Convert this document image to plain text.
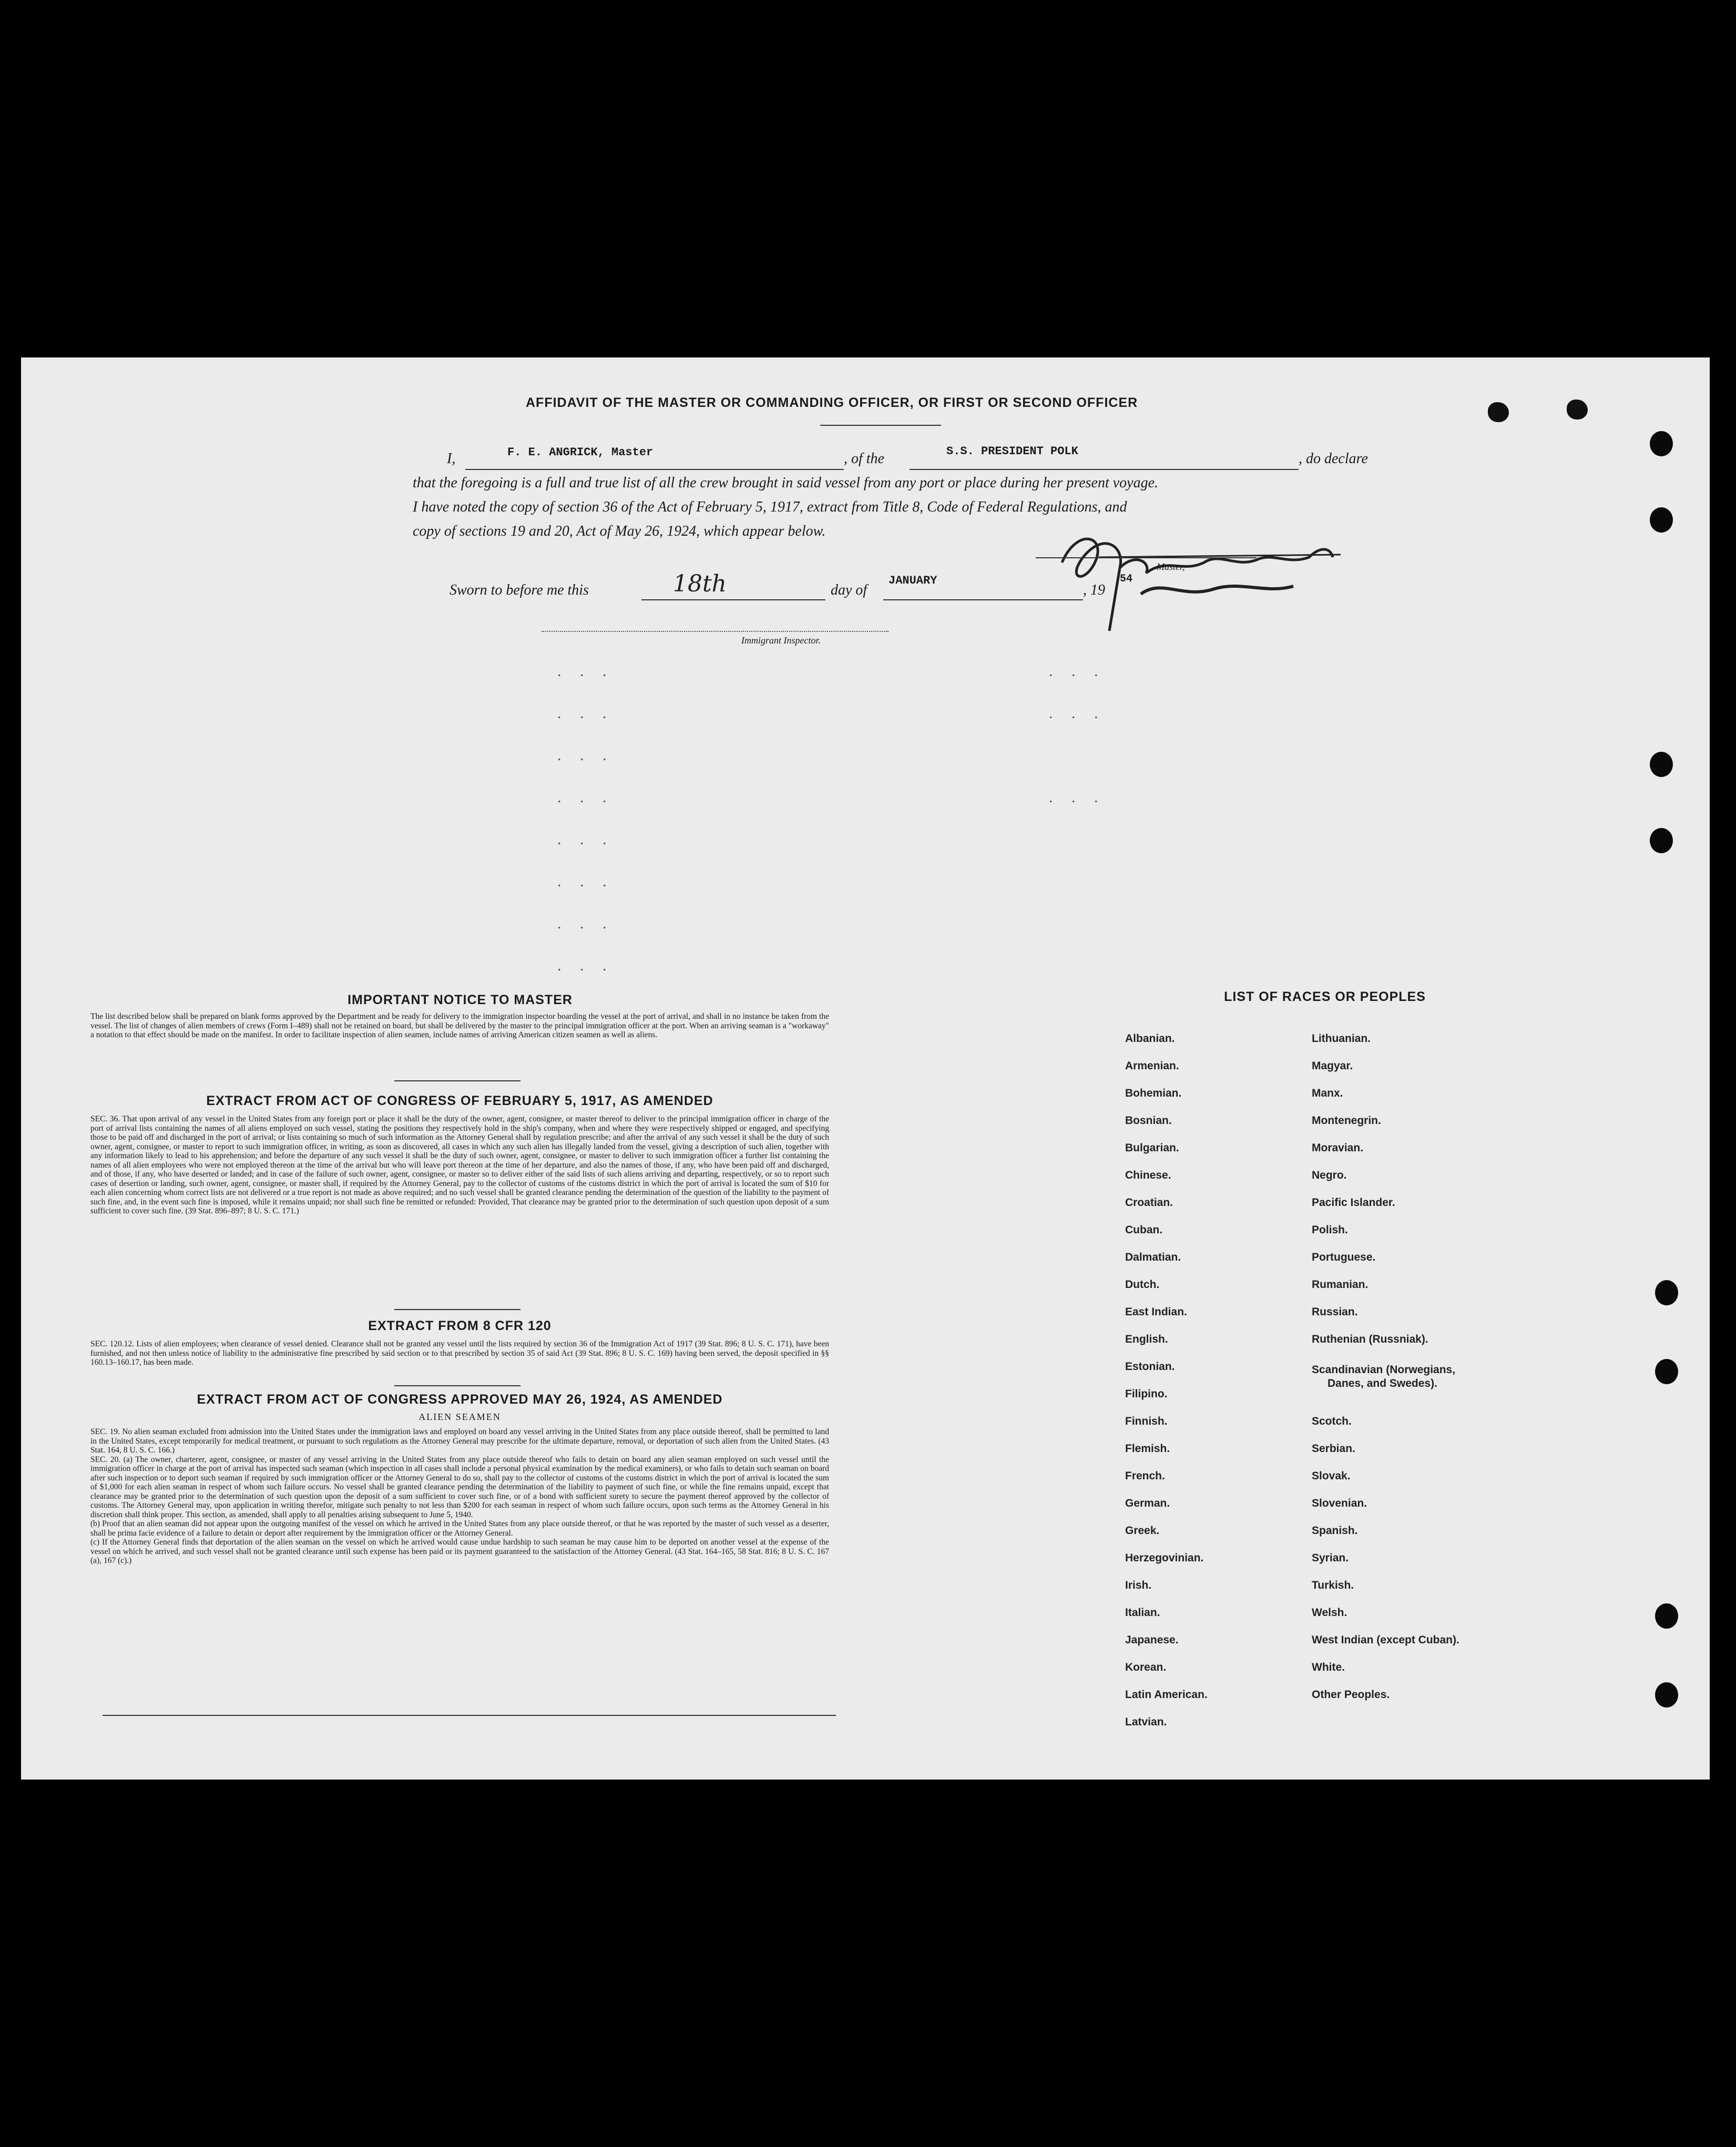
AFFIDAVIT OF THE MASTER OR COMMANDING OFFICER, OR FIRST OR SECOND OFFICER
I,	F. E. ANGRICK, Master	, of the	S.S. PRESIDENT POLK	, do declare
that the foregoing is a full and true list of all the crew brought in said vessel from any port or place during her present voyage.
I have noted the copy of section 36 of the Act of February 5, 1917, extract from Title 8, Code of Federal Regulations, and
copy of sections 19 and 20, Act of May 26, 1924, which appear below.
Master,
Sworn to before me this	18th	day of
JANUARY
, 19
54
Immigrant Inspector.
. . .	. . .
. . .	. . .
. . .
. . .	. . .
. . .
. . .
. . .
. . .
IMPORTANT NOTICE TO MASTER
The list described below shall be prepared on blank forms approved by the Department and be ready for delivery to the immigration inspector boarding the vessel at the port of arrival, and shall in no instance be taken from the vessel. The list of changes of alien members of crews (Form I–489) shall not be retained on board, but shall be delivered by the master to the principal immigration officer at the port. When an arriving seaman is a "workaway" a notation to that effect should be made on the manifest. In order to facilitate inspection of alien seamen, include names of arriving American citizen seamen as well as aliens.
EXTRACT FROM ACT OF CONGRESS OF FEBRUARY 5, 1917, AS AMENDED
SEC. 36. That upon arrival of any vessel in the United States from any foreign port or place it shall be the duty of the owner, agent, consignee, or master thereof to deliver to the principal immigration officer in charge of the port of arrival lists containing the names of all aliens employed on such vessel, stating the positions they respectively hold in the ship's company, when and where they were respectively shipped or engaged, and specifying those to be paid off and discharged in the port of arrival; or lists containing so much of such information as the Attorney General shall by regulation prescribe; and after the arrival of any such vessel it shall be the duty of such owner, agent, consignee, or master to report to such immigration officer, in writing, as soon as discovered, all cases in which any such alien has illegally landed from the vessel, giving a description of such alien, together with any information likely to lead to his apprehension; and before the departure of any such vessel it shall be the duty of such owner, agent, consignee, or master to deliver to such immigration officer a further list containing the names of all alien employees who were not employed thereon at the time of the arrival but who will leave port thereon at the time of her departure, and also the names of those, if any, who have been paid off and discharged, and of those, if any, who have deserted or landed; and in case of the failure of such owner, agent, consignee, or master so to deliver either of the said lists of such aliens arriving and departing, respectively, or so to report such cases of desertion or landing, such owner, agent, consignee, or master shall, if required by the Attorney General, pay to the collector of customs of the customs district in which the port of arrival is located the sum of $10 for each alien concerning whom correct lists are not delivered or a true report is not made as above required; and no such vessel shall be granted clearance pending the determination of the question of the liability to the payment of such fine, and, in the event such fine is imposed, while it remains unpaid; nor shall such fine be remitted or refunded: Provided, That clearance may be granted prior to the determination of such question upon deposit of a sum sufficient to cover such fine. (39 Stat. 896–897; 8 U. S. C. 171.)
EXTRACT FROM 8 CFR 120
SEC. 120.12. Lists of alien employees; when clearance of vessel denied. Clearance shall not be granted any vessel until the lists required by section 36 of the Immigration Act of 1917 (39 Stat. 896; 8 U. S. C. 171), have been furnished, and not then unless notice of liability to the administrative fine prescribed by said section or to that prescribed by section 35 of said Act (39 Stat. 896; 8 U. S. C. 169) having been served, the deposit specified in §§ 160.13–160.17, has been made.
EXTRACT FROM ACT OF CONGRESS APPROVED MAY 26, 1924, AS AMENDED
ALIEN SEAMEN
SEC. 19. No alien seaman excluded from admission into the United States under the immigration laws and employed on board any vessel arriving in the United States from any place outside thereof, shall be permitted to land in the United States, except temporarily for medical treatment, or pursuant to such regulations as the Attorney General may prescribe for the ultimate departure, removal, or deportation of such alien from the United States. (43 Stat. 164, 8 U. S. C. 166.)
SEC. 20. (a) The owner, charterer, agent, consignee, or master of any vessel arriving in the United States from any place outside thereof who fails to detain on board any alien seaman employed on such vessel until the immigration officer in charge at the port of arrival has inspected such seaman (which inspection in all cases shall include a personal physical examination by the medical examiners), or who fails to detain such seaman on board after such inspection or to deport such seaman if required by such immigration officer or the Attorney General to do so, shall pay to the collector of customs of the customs district in which the port of arrival is located the sum of $1,000 for each alien seaman in respect of whom such failure occurs. No vessel shall be granted clearance pending the determination of the liability to payment of such fine, or while the fine remains unpaid, except that clearance may be granted prior to the determination of such question upon the deposit of a sum sufficient to cover such fine, or of a bond with sufficient surety to secure the payment thereof approved by the collector of customs. The Attorney General may, upon application in writing therefor, mitigate such penalty to not less than $200 for each seaman in respect of whom such failure occurs, upon such terms as the Attorney General in his discretion shall think proper. This section, as amended, shall apply to all penalties arising subsequent to June 5, 1940.
(b) Proof that an alien seaman did not appear upon the outgoing manifest of the vessel on which he arrived in the United States from any place outside thereof, or that he was reported by the master of such vessel as a deserter, shall be prima facie evidence of a failure to detain or deport after requirement by the immigration officer or the Attorney General.
(c) If the Attorney General finds that deportation of the alien seaman on the vessel on which he arrived would cause undue hardship to such seaman he may cause him to be deported on another vessel at the expense of the vessel on which he arrived, and such vessel shall not be granted clearance until such expense has been paid or its payment guaranteed to the satisfaction of the Attorney General. (43 Stat. 164–165, 58 Stat. 816; 8 U. S. C. 167 (a), 167 (c).)
LIST OF RACES OR PEOPLES
Albanian.
Armenian.
Bohemian.
Bosnian.
Bulgarian.
Chinese.
Croatian.
Cuban.
Dalmatian.
Dutch.
East Indian.
English.
Estonian.
Filipino.
Finnish.
Flemish.
French.
German.
Greek.
Herzegovinian.
Irish.
Italian.
Japanese.
Korean.
Latin American.
Latvian.
Lithuanian.
Magyar.
Manx.
Montenegrin.
Moravian.
Negro.
Pacific Islander.
Polish.
Portuguese.
Rumanian.
Russian.
Ruthenian (Russniak).
Scandinavian (Norwegians,
Danes, and Swedes).
Scotch.
Serbian.
Slovak.
Slovenian.
Spanish.
Syrian.
Turkish.
Welsh.
West Indian (except Cuban).
White.
Other Peoples.
